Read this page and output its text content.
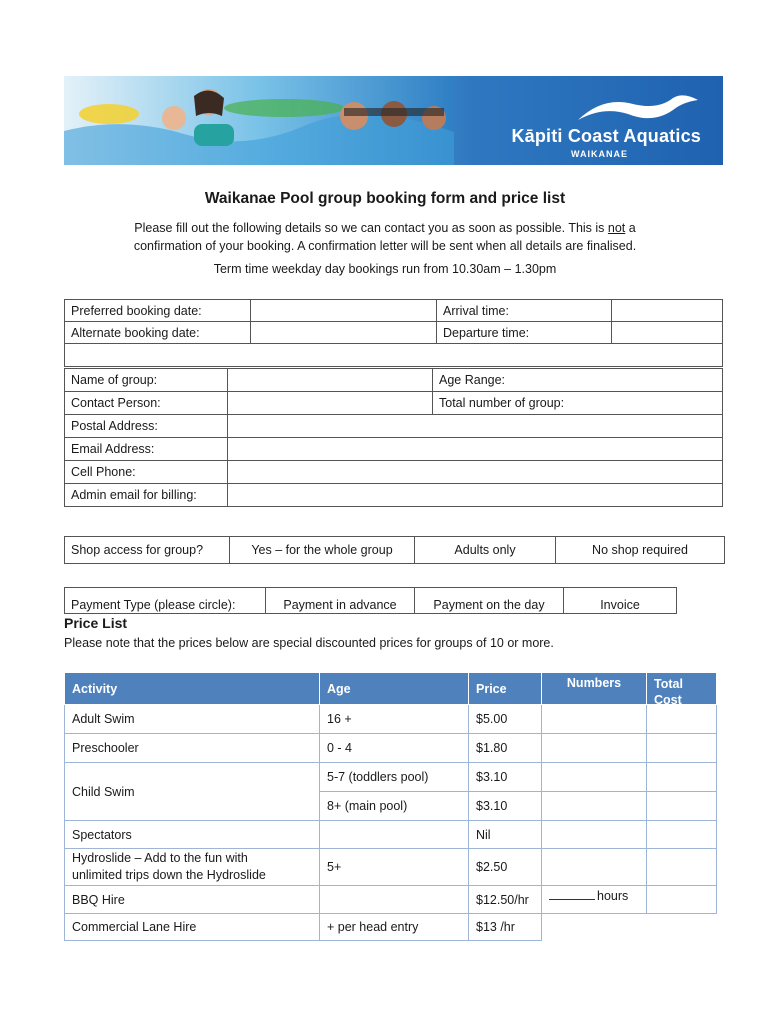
Kāpiti Coast Aquatics
WAIKANAE
Waikanae Pool group booking form and price list
Please fill out the following details so we can contact you as soon as possible. This is not a
confirmation of your booking. A confirmation letter will be sent when all details are finalised.
Term time weekday day bookings run from 10.30am – 1.30pm
Preferred booking date:		Arrival time:	
Alternate booking date:		Departure time:	

Name of group:		Age Range:
Contact Person:		Total number of group:
Postal Address:		
Email Address:		
Cell Phone:		
Admin email for billing:		
Shop access for group?	Yes – for the whole group	Adults only	No shop required
Payment Type (please circle):	Payment in advance	Payment on the day	Invoice
Price List
Please note that the prices below are special discounted prices for groups of 10 or more.
Activity	Age	Price	Numbers	Total Cost

Adult Swim	16 +	$5.00		
Preschooler	0 - 4	$1.80		
Child Swim	5-7 (toddlers pool)	$3.10		
	8+ (main pool)	$3.10		
Spectators		Nil		
Hydroslide – Add to the fun with
unlimited trips down the Hydroslide	5+	$2.50		
BBQ Hire		$12.50/hr	hours	
Commercial Lane Hire	+ per head entry	$13 /hr		
